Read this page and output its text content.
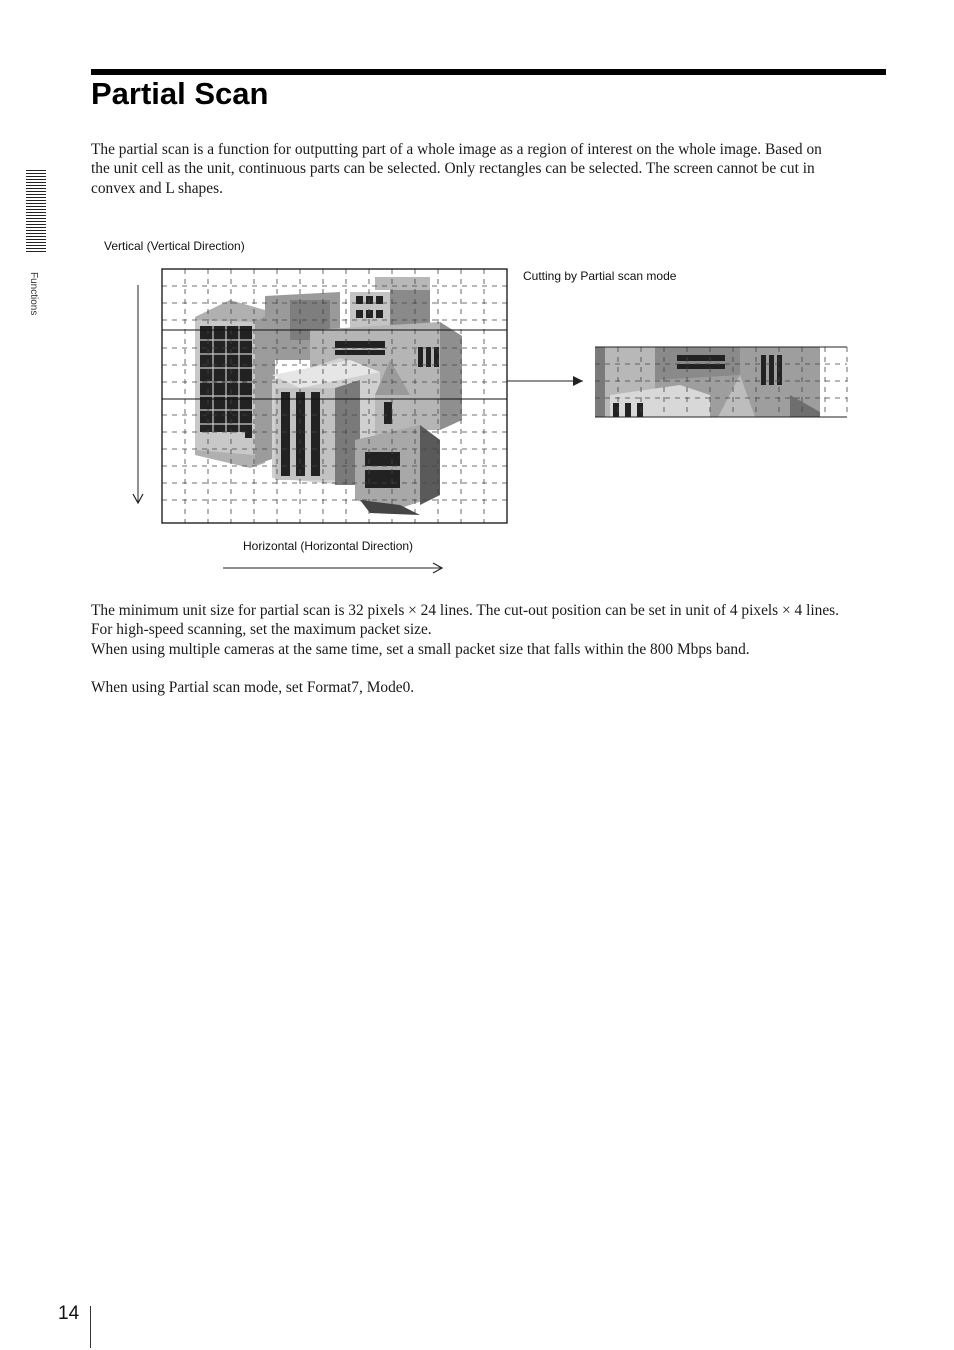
Partial Scan
Functions

The partial scan is a function for outputting part of a whole image as a region of interest on the whole image. Based on
the unit cell as the unit, continuous parts can be selected. Only rectangles can be selected. The screen cannot be cut in
convex and L shapes.

Vertical (Vertical Direction)
Cutting by Partial scan mode
Horizontal (Horizontal Direction)

The minimum unit size for partial scan is 32 pixels × 24 lines. The cut-out position can be set in unit of 4 pixels × 4 lines.
For high-speed scanning, set the maximum packet size.
When using multiple cameras at the same time, set a small packet size that falls within the 800 Mbps band.

When using Partial scan mode, set Format7, Mode0.

14
